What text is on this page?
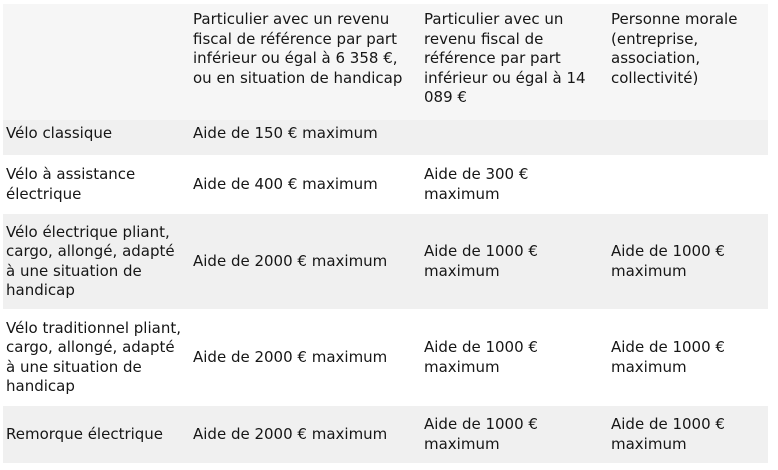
	Particulier avec un revenu fiscal de référence par part inférieur ou égal à 6 358 €, ou en situation de handicap	Particulier avec un revenu fiscal de référence par part inférieur ou égal à 14 089 €	Personne morale (entreprise, association, collectivité)
Vélo classique	Aide de 150 € maximum		
Vélo à assistance électrique	Aide de 400 € maximum	Aide de 300 € maximum	
Vélo électrique pliant, cargo, allongé, adapté à une situation de handicap	Aide de 2000 € maximum	Aide de 1000 € maximum	Aide de 1000 € maximum
Vélo traditionnel pliant, cargo, allongé, adapté à une situation de handicap	Aide de 2000 € maximum	Aide de 1000 € maximum	Aide de 1000 € maximum
Remorque électrique	Aide de 2000 € maximum	Aide de 1000 € maximum	Aide de 1000 € maximum
